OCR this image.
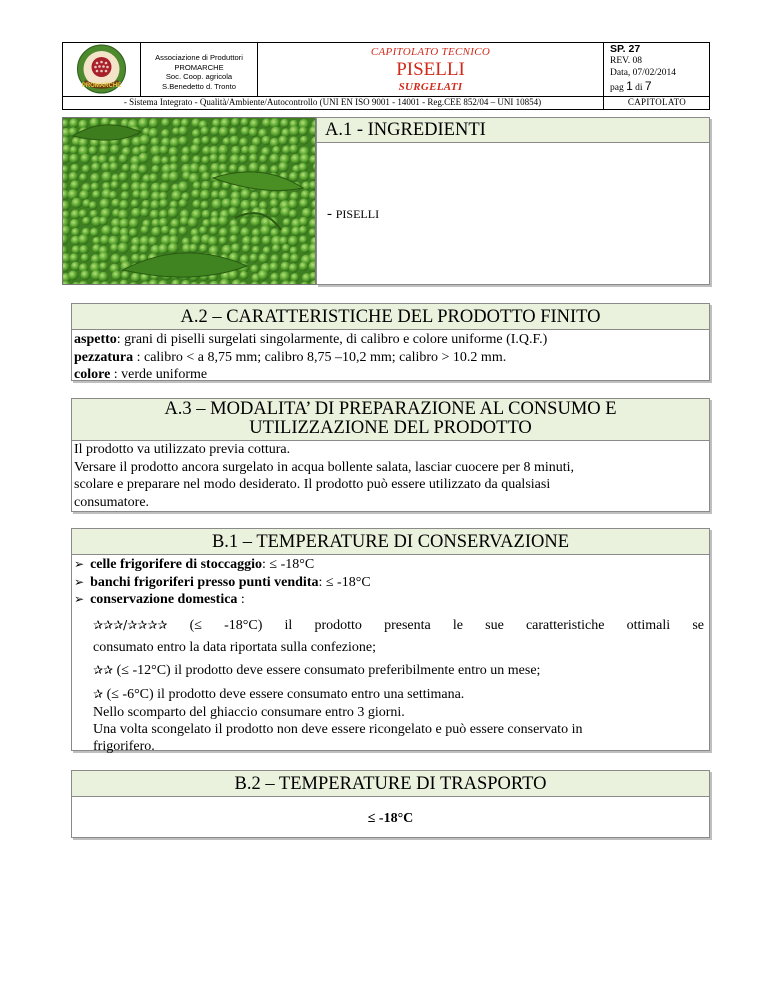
PROMARCHE
Associazione di Produttori
PROMARCHE
Soc. Coop. agricola
S.Benedetto d. Tronto
CAPITOLATO TECNICO
PISELLI
SURGELATI
SP. 27
REV. 08
Data, 07/02/2014
pag 1 di 7
- Sistema Integrato - Qualità/Ambiente/Autocontrollo (UNI EN ISO 9001 - 14001 - Reg.CEE 852/04 – UNI 10854)	CAPITOLATO
A.1 - INGREDIENTI
- PISELLI
A.2 – CARATTERISTICHE DEL PRODOTTO FINITO
aspetto: grani di piselli surgelati singolarmente, di calibro e colore uniforme (I.Q.F.)
pezzatura : calibro < a 8,75 mm; calibro 8,75 –10,2 mm; calibro > 10.2 mm.
colore : verde uniforme
A.3 – MODALITA’ DI PREPARAZIONE AL CONSUMO E
UTILIZZAZIONE DEL PRODOTTO
Il prodotto va utilizzato previa cottura.
Versare il prodotto ancora surgelato in acqua bollente salata, lasciar cuocere per 8 minuti,
scolare e preparare nel modo desiderato. Il prodotto può essere utilizzato da qualsiasi
consumatore.
B.1 – TEMPERATURE DI CONSERVAZIONE
➢ celle frigorifere di stoccaggio: ≤ -18°C
➢ banchi frigoriferi presso punti vendita: ≤ -18°C
➢ conservazione domestica :
✰✰✰/✰✰✰✰ (≤ -18°C) il prodotto presenta le sue caratteristiche ottimali se
consumato entro la data riportata sulla confezione;
✰✰ (≤ -12°C) il prodotto deve essere consumato preferibilmente entro un mese;
✰ (≤ -6°C) il prodotto deve essere consumato entro una settimana.
Nello scomparto del ghiaccio consumare entro 3 giorni.
Una volta scongelato il prodotto non deve essere ricongelato e può essere conservato in
frigorifero.
B.2 – TEMPERATURE DI TRASPORTO
≤ -18°C
